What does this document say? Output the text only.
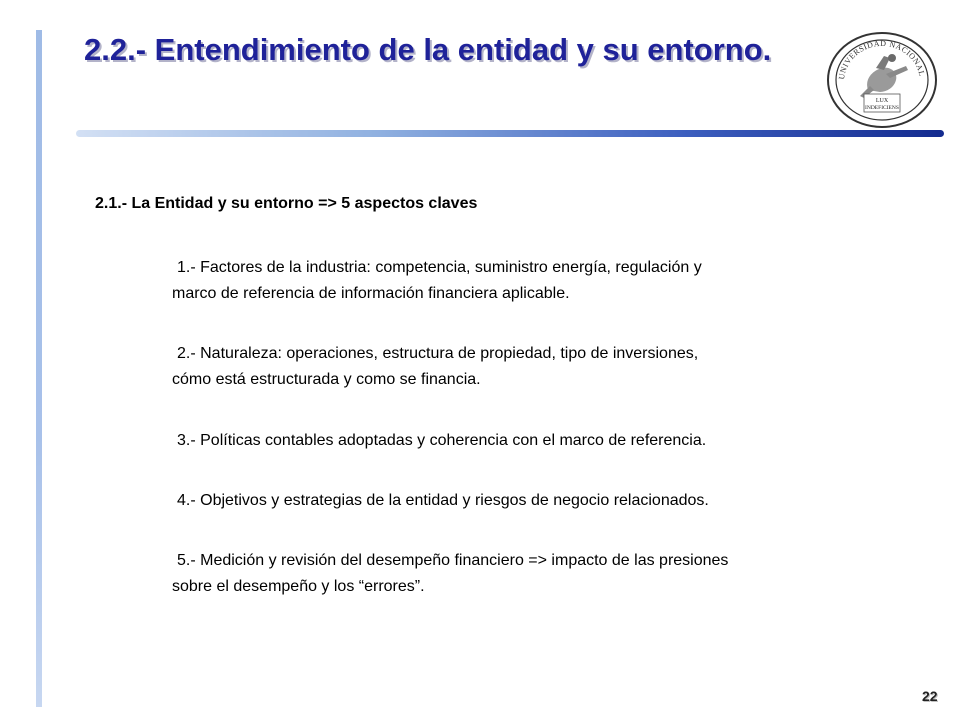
2.2.- Entendimiento de la entidad y su entorno.
UNIVERSIDAD NACIONAL
LUX
INDEFICIENS
2.1.- La Entidad y su entorno => 5 aspectos claves

1.- Factores de la industria: competencia, suministro energía, regulación y
marco de referencia de información financiera aplicable.

2.- Naturaleza: operaciones, estructura de propiedad, tipo de inversiones,
cómo está estructurada y como se financia.

3.- Políticas contables adoptadas y coherencia con el marco de referencia.

4.- Objetivos y estrategias de la entidad y riesgos de negocio relacionados.

5.- Medición y revisión del desempeño financiero => impacto de las presiones
sobre el desempeño y los “errores”.

22
